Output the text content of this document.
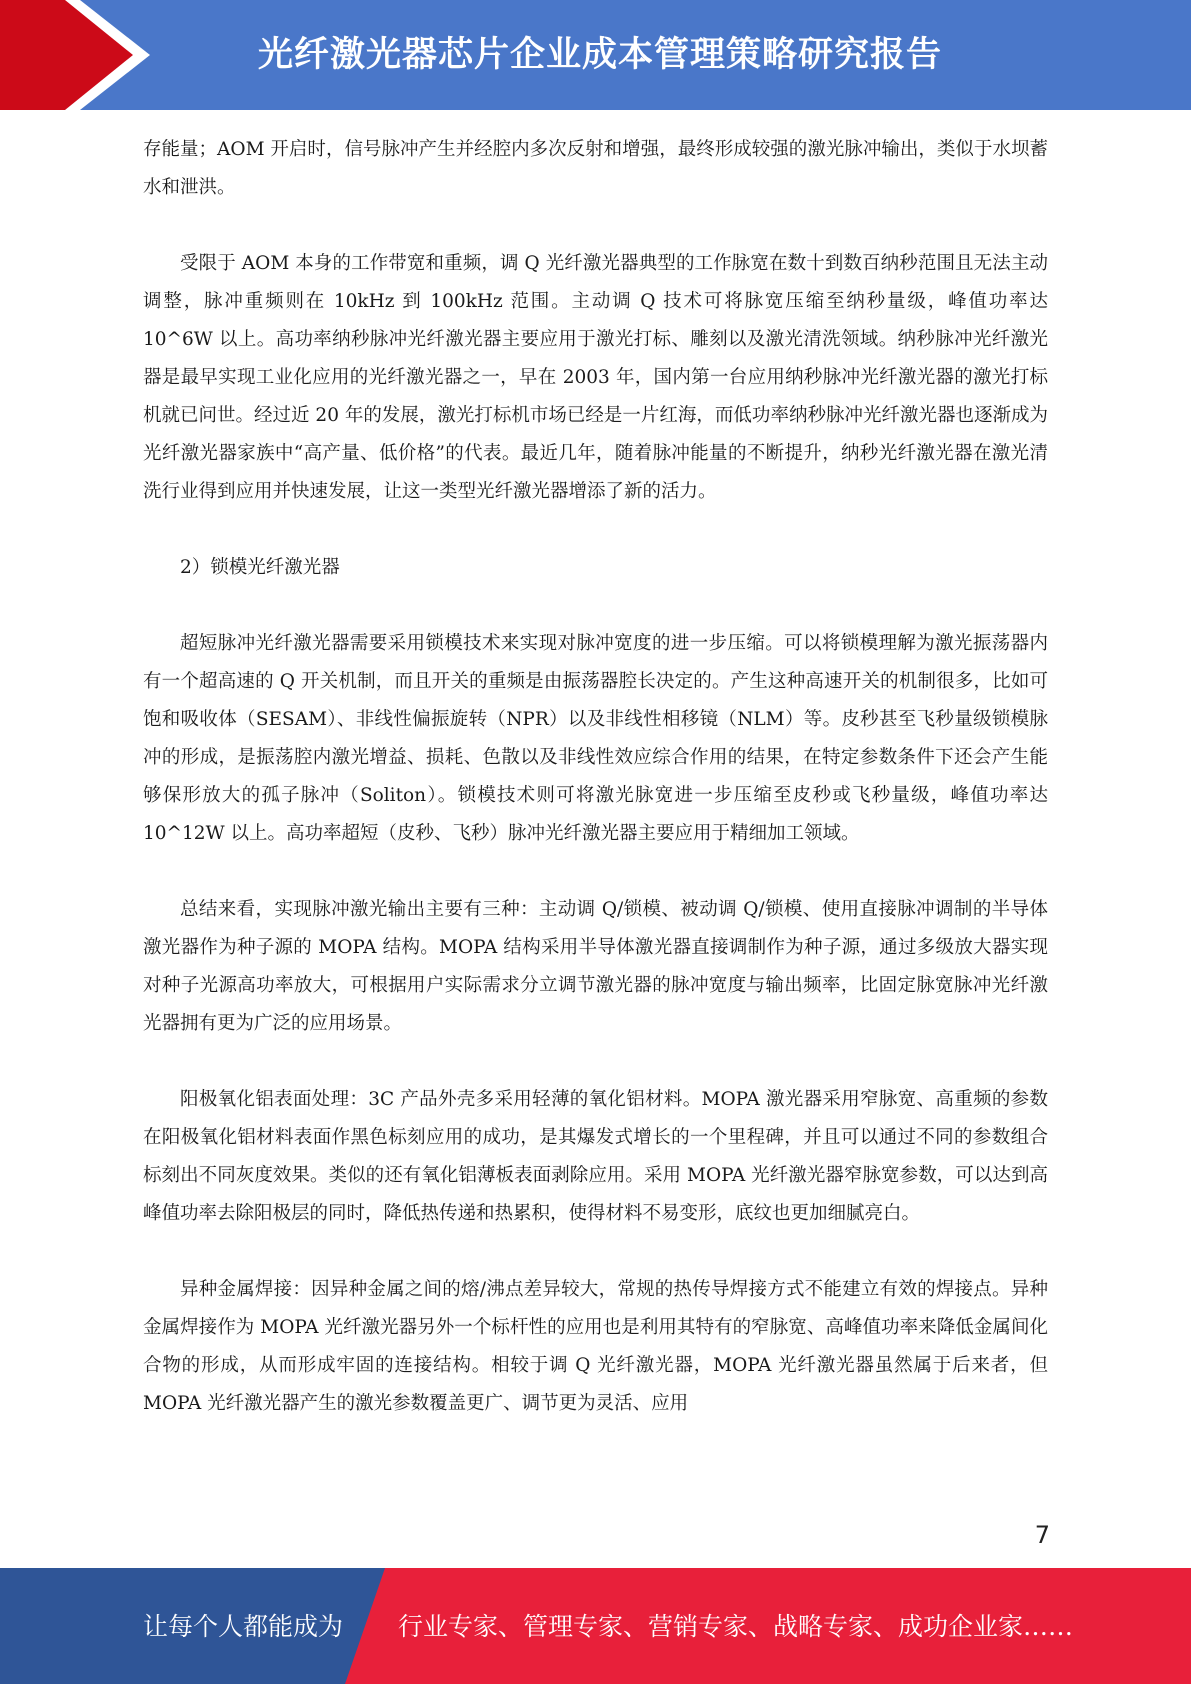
光纤激光器芯片企业成本管理策略研究报告

存能量；AOM 开启时，信号脉冲产生并经腔内多次反射和增强，最终形成较强的激光脉冲输出，类似于水坝蓄水和泄洪。

受限于 AOM 本身的工作带宽和重频，调 Q 光纤激光器典型的工作脉宽在数十到数百纳秒范围且无法主动调整，脉冲重频则在 10kHz 到 100kHz 范围。主动调 Q 技术可将脉宽压缩至纳秒量级，峰值功率达 10^6W 以上。高功率纳秒脉冲光纤激光器主要应用于激光打标、雕刻以及激光清洗领域。纳秒脉冲光纤激光器是最早实现工业化应用的光纤激光器之一，早在 2003 年，国内第一台应用纳秒脉冲光纤激光器的激光打标机就已问世。经过近 20 年的发展，激光打标机市场已经是一片红海，而低功率纳秒脉冲光纤激光器也逐渐成为光纤激光器家族中“高产量、低价格”的代表。最近几年，随着脉冲能量的不断提升，纳秒光纤激光器在激光清洗行业得到应用并快速发展，让这一类型光纤激光器增添了新的活力。

2）锁模光纤激光器

超短脉冲光纤激光器需要采用锁模技术来实现对脉冲宽度的进一步压缩。可以将锁模理解为激光振荡器内有一个超高速的 Q 开关机制，而且开关的重频是由振荡器腔长决定的。产生这种高速开关的机制很多，比如可饱和吸收体（SESAM）、非线性偏振旋转（NPR）以及非线性相移镜（NLM）等。皮秒甚至飞秒量级锁模脉冲的形成，是振荡腔内激光增益、损耗、色散以及非线性效应综合作用的结果，在特定参数条件下还会产生能够保形放大的孤子脉冲（Soliton）。锁模技术则可将激光脉宽进一步压缩至皮秒或飞秒量级，峰值功率达 10^12W 以上。高功率超短（皮秒、飞秒）脉冲光纤激光器主要应用于精细加工领域。

总结来看，实现脉冲激光输出主要有三种：主动调 Q/锁模、被动调 Q/锁模、使用直接脉冲调制的半导体激光器作为种子源的 MOPA 结构。MOPA 结构采用半导体激光器直接调制作为种子源，通过多级放大器实现对种子光源高功率放大，可根据用户实际需求分立调节激光器的脉冲宽度与输出频率，比固定脉宽脉冲光纤激光器拥有更为广泛的应用场景。

阳极氧化铝表面处理：3C 产品外壳多采用轻薄的氧化铝材料。MOPA 激光器采用窄脉宽、高重频的参数在阳极氧化铝材料表面作黑色标刻应用的成功，是其爆发式增长的一个里程碑，并且可以通过不同的参数组合标刻出不同灰度效果。类似的还有氧化铝薄板表面剥除应用。采用 MOPA 光纤激光器窄脉宽参数，可以达到高峰值功率去除阳极层的同时，降低热传递和热累积，使得材料不易变形，底纹也更加细腻亮白。

异种金属焊接：因异种金属之间的熔/沸点差异较大，常规的热传导焊接方式不能建立有效的焊接点。异种金属焊接作为 MOPA 光纤激光器另外一个标杆性的应用也是利用其特有的窄脉宽、高峰值功率来降低金属间化合物的形成，从而形成牢固的连接结构。相较于调 Q 光纤激光器，MOPA 光纤激光器虽然属于后来者，但 MOPA 光纤激光器产生的激光参数覆盖更广、调节更为灵活、应用

7
让每个人都能成为 行业专家、管理专家、营销专家、战略专家、成功企业家……
